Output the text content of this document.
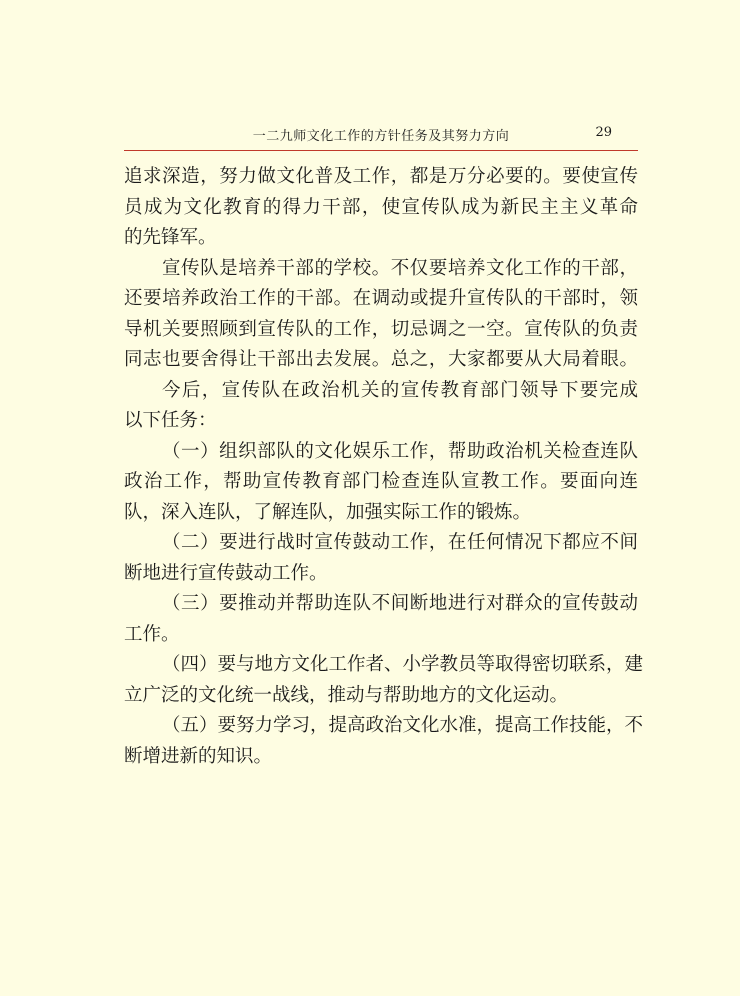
一二九师文化工作的方针任务及其努力方向	29
追求深造，努力做文化普及工作，都是万分必要的。要使宣传
员成为文化教育的得力干部，使宣传队成为新民主主义革命
的先锋军。
宣传队是培养干部的学校。不仅要培养文化工作的干部，
还要培养政治工作的干部。在调动或提升宣传队的干部时，领
导机关要照顾到宣传队的工作，切忌调之一空。宣传队的负责
同志也要舍得让干部出去发展。总之，大家都要从大局着眼。
今后，宣传队在政治机关的宣传教育部门领导下要完成
以下任务：
（一）组织部队的文化娱乐工作，帮助政治机关检查连队
政治工作，帮助宣传教育部门检查连队宣教工作。要面向连
队，深入连队，了解连队，加强实际工作的锻炼。
（二）要进行战时宣传鼓动工作，在任何情况下都应不间
断地进行宣传鼓动工作。
（三）要推动并帮助连队不间断地进行对群众的宣传鼓动
工作。
（四）要与地方文化工作者、小学教员等取得密切联系，建
立广泛的文化统一战线，推动与帮助地方的文化运动。
（五）要努力学习，提高政治文化水准，提高工作技能，不
断增进新的知识。
